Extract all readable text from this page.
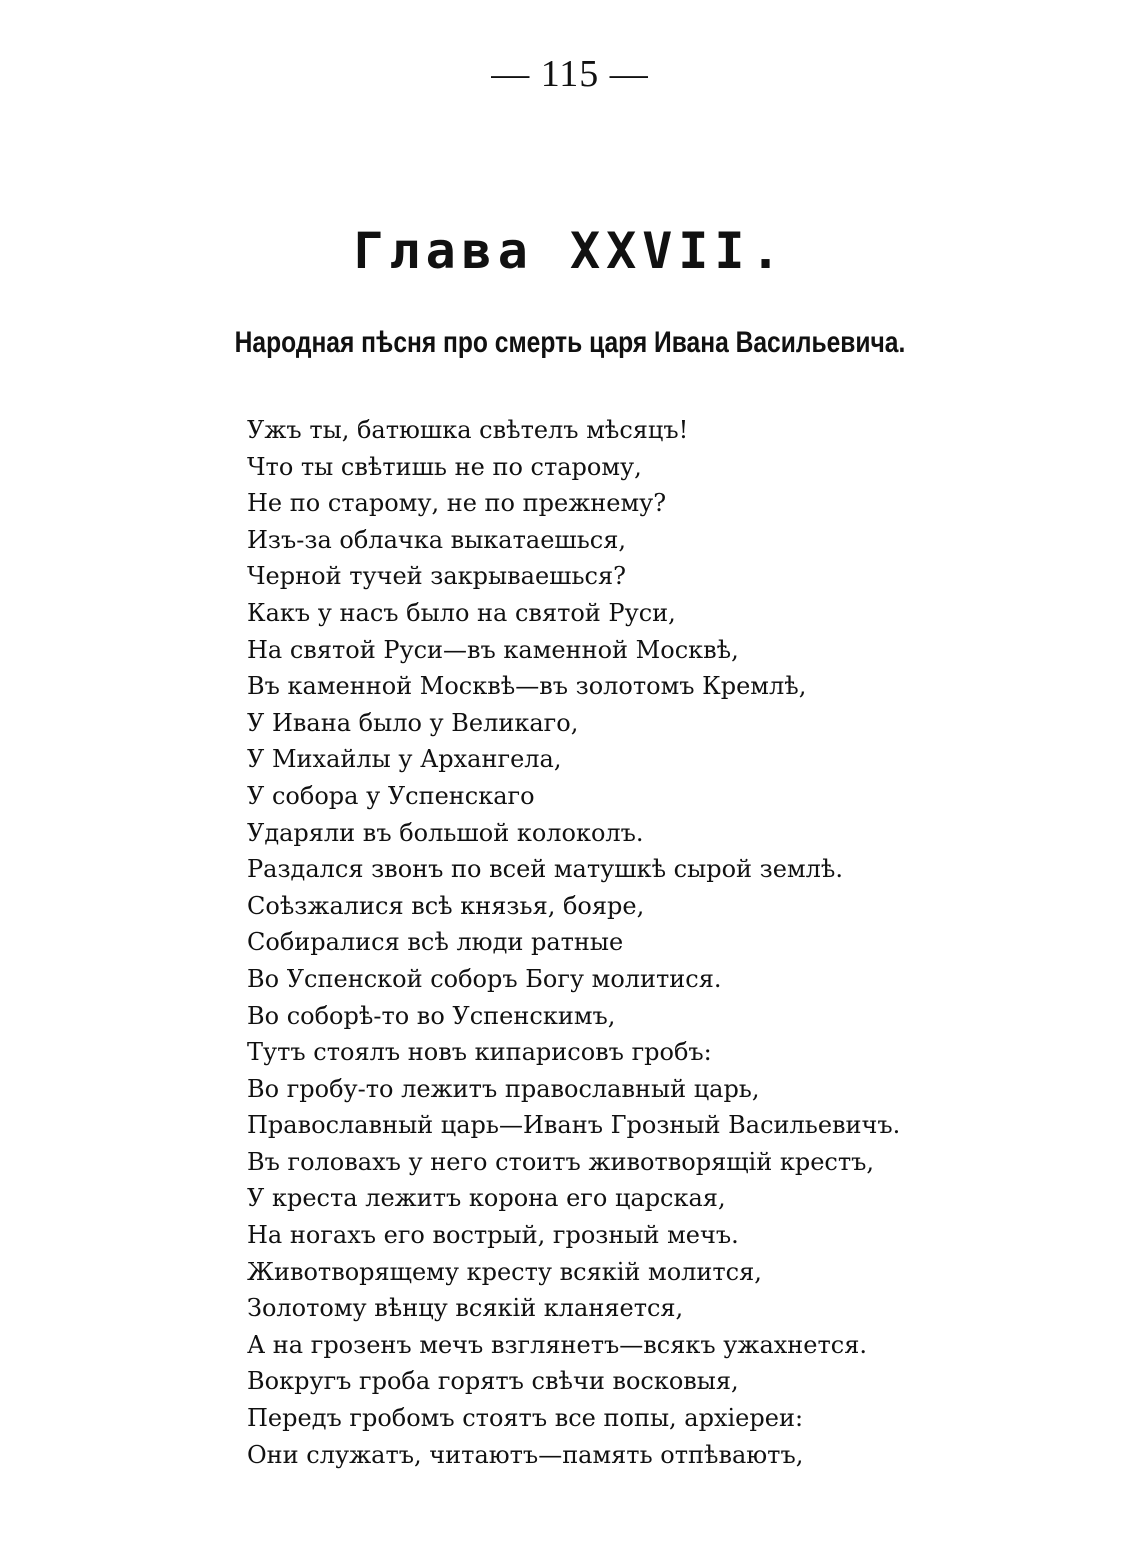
— 115 —
Глава XXVII.
Народная пѣсня про смерть царя Ивана Васильевича.
Ужъ ты, батюшка свѣтелъ мѣсяцъ!
Что ты свѣтишь не по старому,
Не по старому, не по прежнему?
Изъ-за облачка выкатаешься,
Черной тучей закрываешься?
Какъ у насъ было на святой Руси,
На святой Руси—въ каменной Москвѣ,
Въ каменной Москвѣ—въ золотомъ Кремлѣ,
У Ивана было у Великаго,
У Михайлы у Архангела,
У собора у Успенскаго
Ударяли въ большой колоколъ.
Раздался звонъ по всей матушкѣ сырой землѣ.
Соѣзжалися всѣ князья, бояре,
Собиралися всѣ люди ратные
Во Успенской соборъ Богу молитися.
Во соборѣ-то во Успенскимъ,
Тутъ стоялъ новъ кипарисовъ гробъ:
Во гробу-то лежитъ православный царь,
Православный царь—Иванъ Грозный Васильевичъ.
Въ головахъ у него стоитъ животворящій крестъ,
У креста лежитъ корона его царская,
На ногахъ его вострый, грозный мечъ.
Животворящему кресту всякій молится,
Золотому вѣнцу всякій кланяется,
А на грозенъ мечъ взглянетъ—всякъ ужахнется.
Вокругъ гроба горятъ свѣчи восковыя,
Передъ гробомъ стоятъ все попы, архіереи:
Они служатъ, читаютъ—память отпѣваютъ,
